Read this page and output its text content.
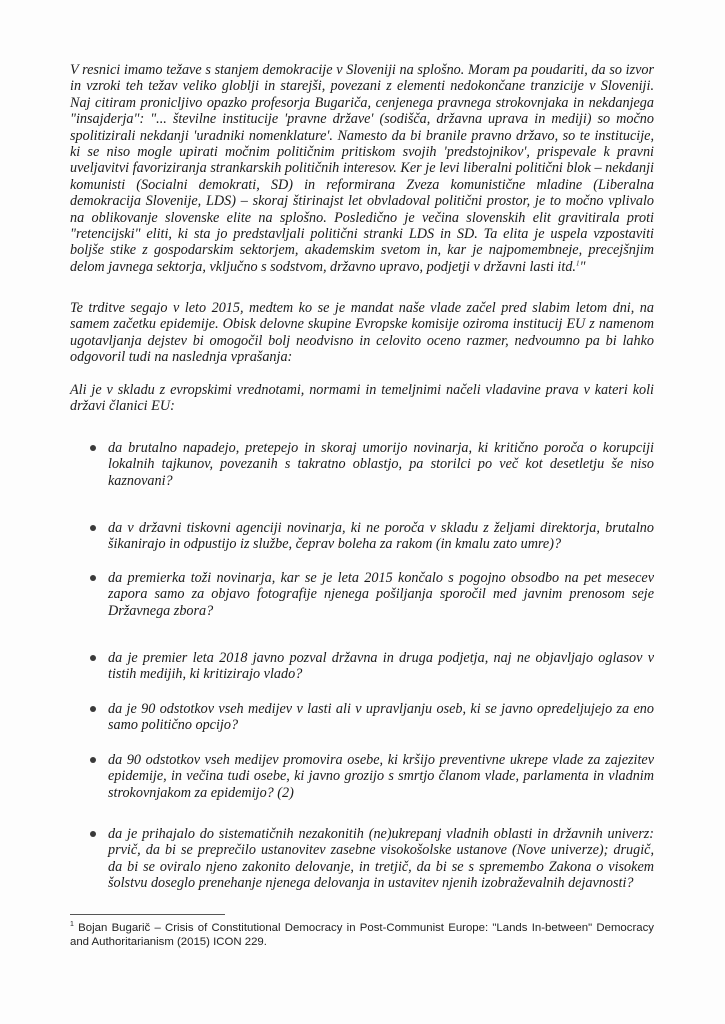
V resnici imamo težave s stanjem demokracije v Sloveniji na splošno. Moram pa poudariti, da so izvor in vzroki teh težav veliko globlji in starejši, povezani z elementi nedokončane tranzicije v Sloveniji. Naj citiram pronicljivo opazko profesorja Bugariča, cenjenega pravnega strokovnjaka in nekdanjega "insajderja": "... številne institucije 'pravne države' (sodišča, državna uprava in mediji) so močno spolitizirali nekdanji 'uradniki nomenklature'. Namesto da bi branile pravno državo, so te institucije, ki se niso mogle upirati močnim političnim pritiskom svojih 'predstojnikov', prispevale k pravni uveljavitvi favoriziranja strankarskih političnih interesov. Ker je levi liberalni politični blok – nekdanji komunisti (Socialni demokrati, SD) in reformirana Zveza komunistične mladine (Liberalna demokracija Slovenije, LDS) – skoraj štirinajst let obvladoval politični prostor, je to močno vplivalo na oblikovanje slovenske elite na splošno. Posledično je večina slovenskih elit gravitirala proti "retencijski" eliti, ki sta jo predstavljali politični stranki LDS in SD. Ta elita je uspela vzpostaviti boljše stike z gospodarskim sektorjem, akademskim svetom in, kar je najpomembneje, precejšnjim delom javnega sektorja, vključno s sodstvom, državno upravo, podjetji v državni lasti itd.$^1$"

Te trditve segajo v leto 2015, medtem ko se je mandat naše vlade začel pred slabim letom dni, na samem začetku epidemije. Obisk delovne skupine Evropske komisije oziroma institucij EU z namenom ugotavljanja dejstev bi omogočil bolj neodvisno in celovito oceno razmer, nedvoumno pa bi lahko odgovoril tudi na naslednja vprašanja:

Ali je v skladu z evropskimi vrednotami, normami in temeljnimi načeli vladavine prava v kateri koli državi članici EU:

da brutalno napadejo, pretepejo in skoraj umorijo novinarja, ki kritično poroča o korupciji lokalnih tajkunov, povezanih s takratno oblastjo, pa storilci po več kot desetletju še niso kaznovani?
da v državni tiskovni agenciji novinarja, ki ne poroča v skladu z željami direktorja, brutalno šikanirajo in odpustijo iz službe, čeprav boleha za rakom (in kmalu zato umre)?
da premierka toži novinarja, kar se je leta 2015 končalo s pogojno obsodbo na pet mesecev zapora samo za objavo fotografije njenega pošiljanja sporočil med javnim prenosom seje Državnega zbora?
da je premier leta 2018 javno pozval državna in druga podjetja, naj ne objavljajo oglasov v tistih medijih, ki kritizirajo vlado?
da je 90 odstotkov vseh medijev v lasti ali v upravljanju oseb, ki se javno opredeljujejo za eno samo politično opcijo?
da 90 odstotkov vseh medijev promovira osebe, ki kršijo preventivne ukrepe vlade za zajezitev epidemije, in večina tudi osebe, ki javno grozijo s smrtjo članom vlade, parlamenta in vladnim strokovnjakom za epidemijo? (2)
da je prihajalo do sistematičnih nezakonitih (ne)ukrepanj vladnih oblasti in državnih univerz: prvič, da bi se preprečilo ustanovitev zasebne visokošolske ustanove (Nove univerze); drugič, da bi se oviralo njeno zakonito delovanje, in tretjič, da bi se s spremembo Zakona o visokem šolstvu doseglo prenehanje njenega delovanja in ustavitev njenih izobraževalnih dejavnosti?
$^1$ Bojan Bugarič – Crisis of Constitutional Democracy in Post-Communist Europe: "Lands In-between" Democracy and Authoritarianism (2015) ICON 229.
